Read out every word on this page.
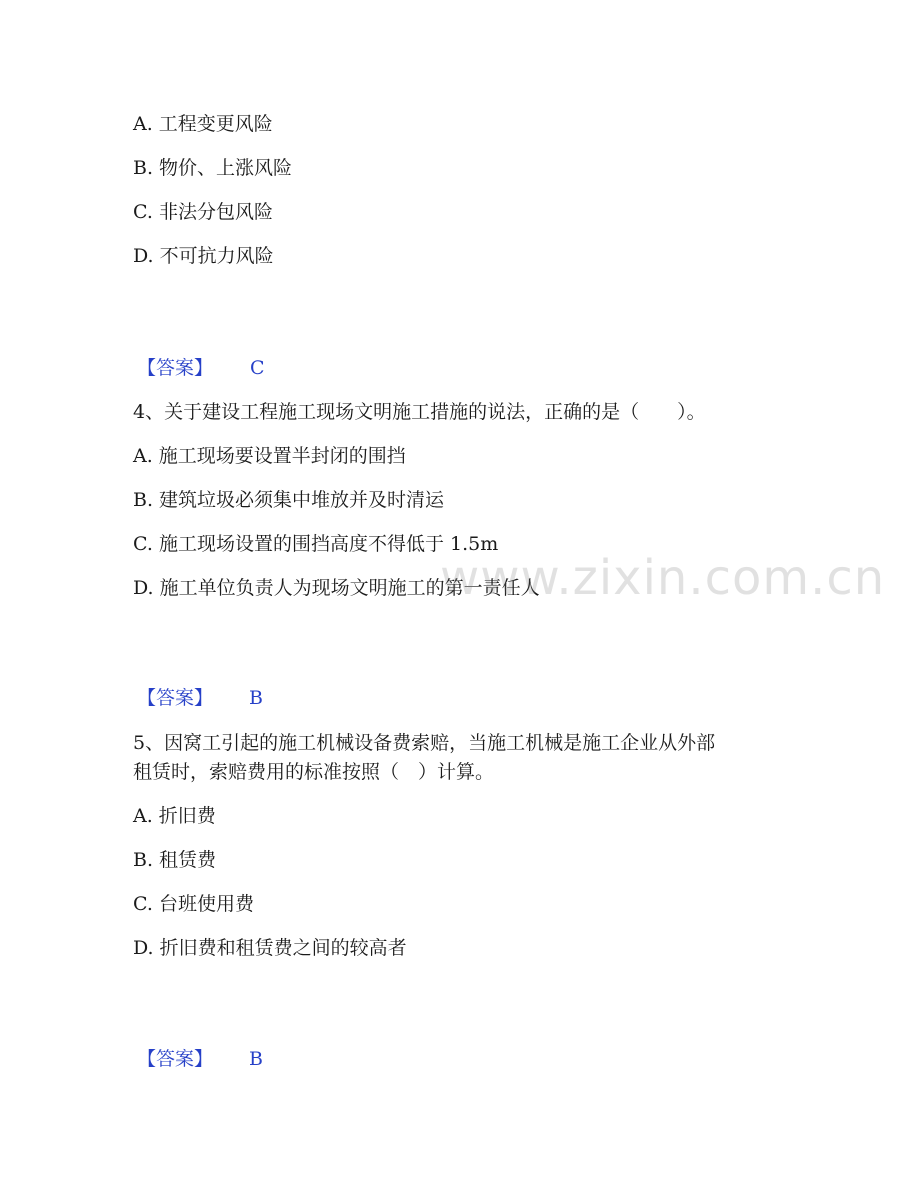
A. 工程变更风险
B. 物价、上涨风险
C. 非法分包风险
D. 不可抗力风险
【答案】 C
4、关于建设工程施工现场文明施工措施的说法，正确的是（　　）。
A. 施工现场要设置半封闭的围挡
B. 建筑垃圾必须集中堆放并及时清运
C. 施工现场设置的围挡高度不得低于 1.5m
D. 施工单位负责人为现场文明施工的第一责任人
www.zixin.com.cn
【答案】 B
5、因窝工引起的施工机械设备费索赔，当施工机械是施工企业从外部
租赁时，索赔费用的标准按照（　）计算。
A. 折旧费
B. 租赁费
C. 台班使用费
D. 折旧费和租赁费之间的较高者
【答案】 B
